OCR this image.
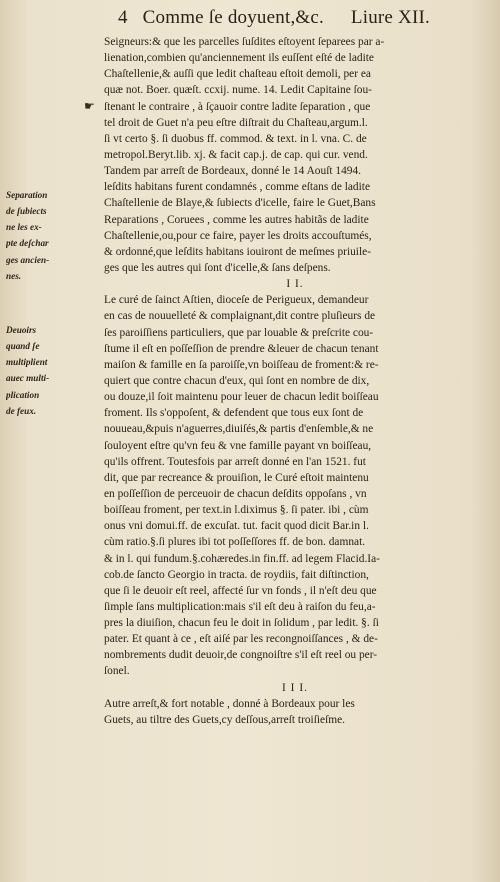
4 Comme ſe doyuent,&c. Liure XII.
☛
Separation
de ſubiects
ne les ex-
pte deſchar
ges ancien-
nes.
Deuoirs
quand ſe
multiplient
auec multi-
plication
de feux.
Seigneurs:& que les parcelles ſuſdites eſtoyent ſeparees par a-
lienation,combien qu'anciennement ils euſſent eſté de ladite
Chaſtellenie,& auſſi que ledit chaſteau eſtoit demoli, per ea
quæ not. Boer. quæſt. ccxij. nume. 14. Ledit Capitaine ſou-
ſtenant le contraire , à ſçauoir contre ladite ſeparation , que
tel droit de Guet n'a peu eſtre diſtrait du Chaſteau,argum.l.
ſi vt certo §. ſi duobus ff. commod. & text. in l. vna. C. de
metropol.Beryt.lib. xj. & facit cap.j. de cap. qui cur. vend.
Tandem par arreſt de Bordeaux, donné le 14 Aouſt 1494.
leſdits habitans furent condamnés , comme eſtans de ladite
Chaſtellenie de Blaye,& ſubiects d'icelle, faire le Guet,Bans
Reparations , Coruees , comme les autres habitãs de ladite
Chaſtellenie,ou,pour ce faire, payer les droits accouſtumés,
& ordonné,que leſdits habitans iouiront de meſmes priuile-
ges que les autres qui ſont d'icelle,& ſans deſpens.
I I.
Le curé de ſainct Aſtien, dioceſe de Perigueux, demandeur
en cas de nouuelleté & complaignant,dit contre pluſieurs de
ſes paroiſſiens particuliers, que par louable & preſcrite cou-
ſtume il eſt en poſſeſſion de prendre &leuer de chacun tenant
maiſon & famille en ſa paroiſſe,vn boiſſeau de froment:& re-
quiert que contre chacun d'eux, qui ſont en nombre de dix,
ou douze,il ſoit maintenu pour leuer de chacun ledit boiſſeau
froment. Ils s'oppoſent, & defendent que tous eux ſont de
nouueau,&puis n'aguerres,diuiſés,& partis d'enſemble,& ne
ſouloyent eſtre qu'vn feu & vne famille payant vn boiſſeau,
qu'ils offrent. Toutesfois par arreſt donné en l'an 1521. fut
dit, que par recreance & prouiſion, le Curé eſtoit maintenu
en poſſeſſion de perceuoir de chacun deſdits oppoſans , vn
boiſſeau froment, per text.in l.diximus §. ſi pater. ibi , cùm
onus vni domui.ff. de excuſat. tut. facit quod dicit Bar.in l.
cùm ratio.§.ſi plures ibi tot poſſeſſores ff. de bon. damnat.
& in l. qui fundum.§.cohæredes.in fin.ff. ad legem Flacid.Ia-
cob.de ſancto Georgio in tracta. de roydiis, fait diſtinction,
que ſi le deuoir eſt reel, affecté ſur vn fonds , il n'eſt deu que
ſimple ſans multiplication:mais s'il eſt deu à raiſon du feu,a-
pres la diuiſion, chacun feu le doit in ſolidum , par ledit. §. ſi
pater. Et quant à ce , eſt aiſé par les recongnoiſſances , & de-
nombrements dudit deuoir,de congnoiſtre s'il eſt reel ou per-
ſonel.
I I I.
Autre arreſt,& fort notable , donné à Bordeaux pour les
Guets, au tiltre des Guets,cy deſſous,arreſt troiſieſme.
